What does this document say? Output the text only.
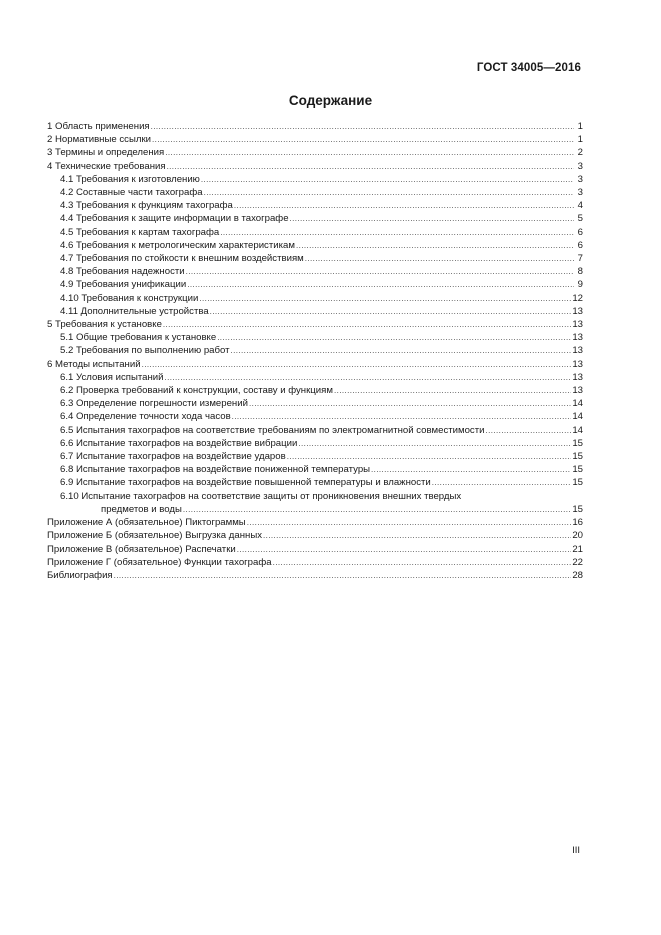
ГОСТ 34005—2016
Содержание
1 Область применения .....	1
2 Нормативные ссылки .....	1
3 Термины и определения .....	2
4 Технические требования .....	3
4.1 Требования к изготовлению .....	3
4.2 Составные части тахографа .....	3
4.3 Требования к функциям тахографа .....	4
4.4 Требования к защите информации в тахографе .....	5
4.5 Требования к картам тахографа .....	6
4.6 Требования к метрологическим характеристикам .....	6
4.7 Требования по стойкости к внешним воздействиям .....	7
4.8 Требования надежности .....	8
4.9 Требования унификации .....	9
4.10 Требования к конструкции .....	12
4.11 Дополнительные устройства .....	13
5 Требования к установке .....	13
5.1 Общие требования к установке .....	13
5.2 Требования по выполнению работ .....	13
6 Методы испытаний .....	13
6.1 Условия испытаний .....	13
6.2 Проверка требований к конструкции, составу и функциям .....	13
6.3 Определение погрешности измерений .....	14
6.4 Определение точности хода часов .....	14
6.5 Испытания тахографов на соответствие требованиям по электромагнитной совместимости .....	14
6.6 Испытание тахографов на воздействие вибрации .....	15
6.7 Испытание тахографов на воздействие ударов .....	15
6.8 Испытание тахографов на воздействие пониженной температуры .....	15
6.9 Испытание тахографов на воздействие повышенной температуры и влажности .....	15
6.10 Испытание тахографов на соответствие защиты от проникновения внешних твердых
предметов и воды .....	15
Приложение А (обязательное) Пиктограммы .....	16
Приложение Б (обязательное) Выгрузка данных .....	20
Приложение В (обязательное) Распечатки .....	21
Приложение Г (обязательное) Функции тахографа .....	22
Библиография .....	28
III
